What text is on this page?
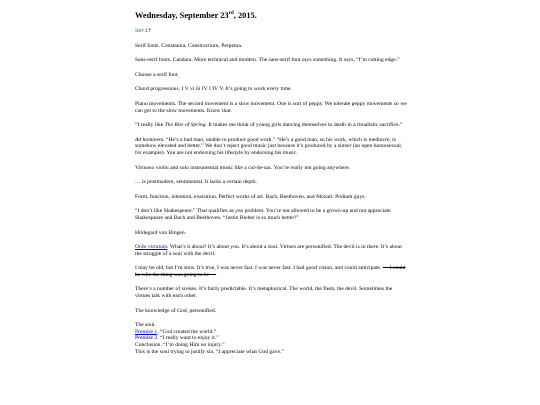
Wednesday, September 23rd, 2015.
Serif

Serif fonts. Constantia, Constructium, Perpetua.

Sans-serif fonts. Candara. More technical and modern. The sans-serif font says something. It says, “I’m cutting edge.”

Choose a serif font.

Chord progressions. I V vi iii IV I IV V. It’s going to work every time.

Piano movements. The second movement is a slow movement. One is sort of peppy. We tolerate peppy movements so we can get to the slow movements. Know that.

“I really like The Rite of Spring. It makes me think of young girls dancing themselves to death in a ritualistic sacrifice.”

Ad hominem. “He’s a bad man, unable to produce good work.” “He’s a good man, so his work, which is mediocre, is somehow elevated and better.” We don’t reject good music just because it’s produced by a sinner (an open homosexual, for example). You are not endorsing his lifestyle by endorsing his music.

Virtuoso violin and solo instrumental music like a cul-de-sac. You’re really not going anywhere.

… is postmodern, sentimental. It lacks a certain depth.

Form, function, intention, execution. Perfect works of art. Bach, Beethoven, and Mozart. Podium guys.

“I don’t like Shakespeare.” That qualifies as you problem. You’re not allowed to be a grown-up and not appreciate Shakespeare and Bach and Beethoven. “Justin Bieber is so much better!”

Hildegard von Bingen.

Ordo virtutum. What’s it about? It’s about you. It’s about a soul. Virtues are personified. The devil is in there. It’s about the struggle of a soul with the devil.

I may be old, but I’m slow. It’s true, I was never fast. I was never fast. I had good vision, and could anticipate. — I could be who the thing was going to be —

There’s a number of scenes. It’s fairly predictable. It’s metaphorical. The world, the flesh, the devil. Sometimes the virtues talk with each other.

The knowledge of God, personified.

The soul.

Premise 1. “God created the world.”

Premise 2. “I really want to enjoy it.”

Conclusion. “I’m doing Him no injury.”

This is the soul trying to justify sin. “I appreciate what God gave.”
